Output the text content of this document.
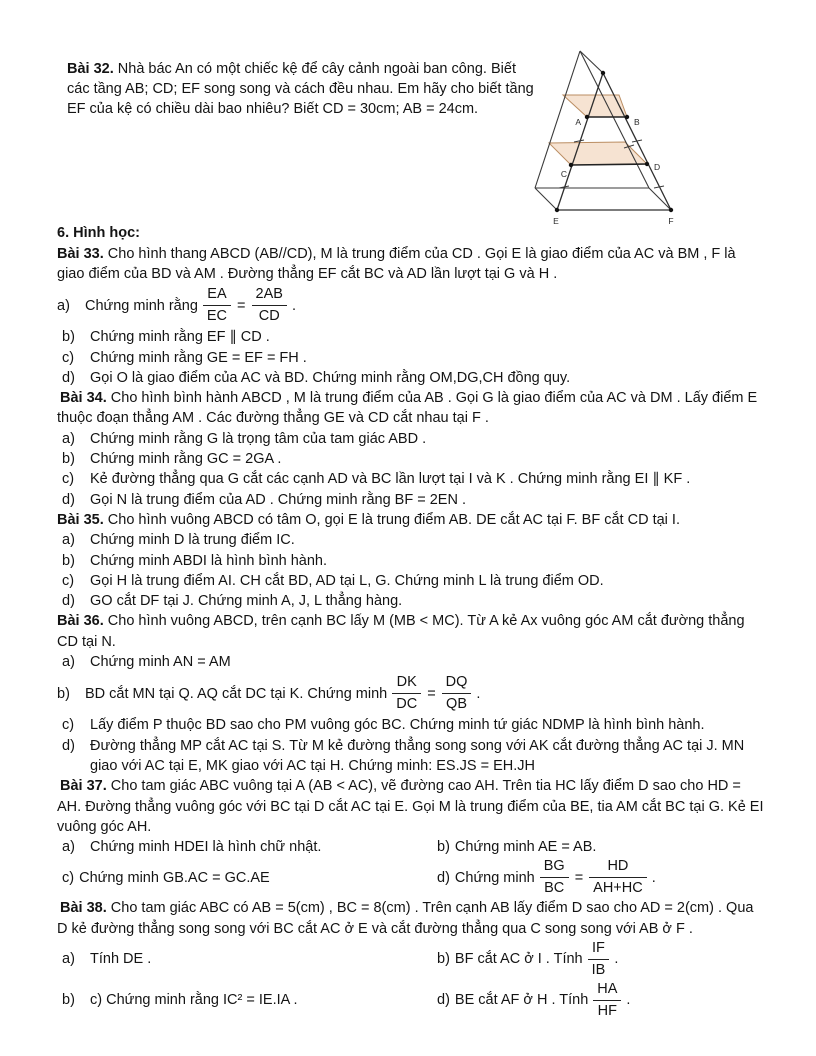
A	B
C
D
E	F

Bài 32. Nhà bác An có một chiếc kệ để cây cảnh ngoài ban công. Biết các tầng AB; CD; EF song song và cách đều nhau. Em hãy cho biết tầng EF của kệ có chiều dài bao nhiêu? Biết CD = 30cm; AB = 24cm.

6. Hình học:

Bài 33. Cho hình thang ABCD (AB//CD), M là trung điểm của CD . Gọi E là giao điểm của AC và BM , F là giao điểm của BD và AM . Đường thẳng EF cắt BC và AD lần lượt tại G và H .

a)	Chứng minh rằng $\frac{EA}{EC} = \frac{2AB}{CD}$ .
b)	Chứng minh rằng EF ∥ CD .
c)	Chứng minh rằng GE = EF = FH .
d)	Gọi O là giao điểm của AC và BD. Chứng minh rằng OM,DG,CH đồng quy.

Bài 34. Cho hình bình hành ABCD , M là trung điểm của AB . Gọi G là giao điểm của AC và DM . Lấy điểm E thuộc đoạn thẳng AM . Các đường thẳng GE và CD cắt nhau tại F .

a)	Chứng minh rằng G là trọng tâm của tam giác ABD .
b)	Chứng minh rằng GC = 2GA .
c)	Kẻ đường thẳng qua G cắt các cạnh AD và BC lần lượt tại I và K . Chứng minh rằng EI ∥ KF .
d)	Gọi N là trung điểm của AD . Chứng minh rằng BF = 2EN .

Bài 35. Cho hình vuông ABCD có tâm O, gọi E là trung điểm AB. DE cắt AC tại F. BF cắt CD tại I.

a)	Chứng minh D là trung điểm IC.
b)	Chứng minh ABDI là hình bình hành.
c)	Gọi H là trung điểm AI. CH cắt BD, AD tại L, G. Chứng minh L là trung điểm OD.
d)	GO cắt DF tại J. Chứng minh A, J, L thẳng hàng.

Bài 36. Cho hình vuông ABCD, trên cạnh BC lấy M (MB < MC). Từ A kẻ Ax vuông góc AM cắt đường thẳng CD tại N.

a)	Chứng minh AN = AM
b)	BD cắt MN tại Q. AQ cắt DC tại K. Chứng minh $\frac{DK}{DC} = \frac{DQ}{QB}$ .
c)	Lấy điểm P thuộc BD sao cho PM vuông góc BC. Chứng minh tứ giác NDMP là hình bình hành.
d)	Đường thẳng MP cắt AC tại S. Từ M kẻ đường thẳng song song với AK cắt đường thẳng AC tại J. MN giao với AC tại E, MK giao với AC tại H. Chứng minh: ES.JS = EH.JH

Bài 37. Cho tam giác ABC vuông tại A (AB < AC), vẽ đường cao AH. Trên tia HC lấy điểm D sao cho HD = AH. Đường thẳng vuông góc với BC tại D cắt AC tại E. Gọi M là trung điểm của BE, tia AM cắt BC tại G. Kẻ EI vuông góc AH.

a)	Chứng minh HDEI là hình chữ nhật.	b) Chứng minh AE = AB.
c) Chứng minh GB.AC = GC.AE	d) Chứng minh $\frac{BG}{BC} = \frac{HD}{AH+HC}$ .

Bài 38. Cho tam giác ABC có AB = 5(cm) , BC = 8(cm) . Trên cạnh AB lấy điểm D sao cho AD = 2(cm) . Qua D kẻ đường thẳng song song với BC cắt AC ở E và cắt đường thẳng qua C song song với AB ở F .

a)	Tính DE .	b) BF cắt AC ở I . Tính $\frac{IF}{IB}$ .
b)	c) Chứng minh rằng IC² = IE.IA .	d) BE cắt AF ở H . Tính $\frac{HA}{HF}$ .
